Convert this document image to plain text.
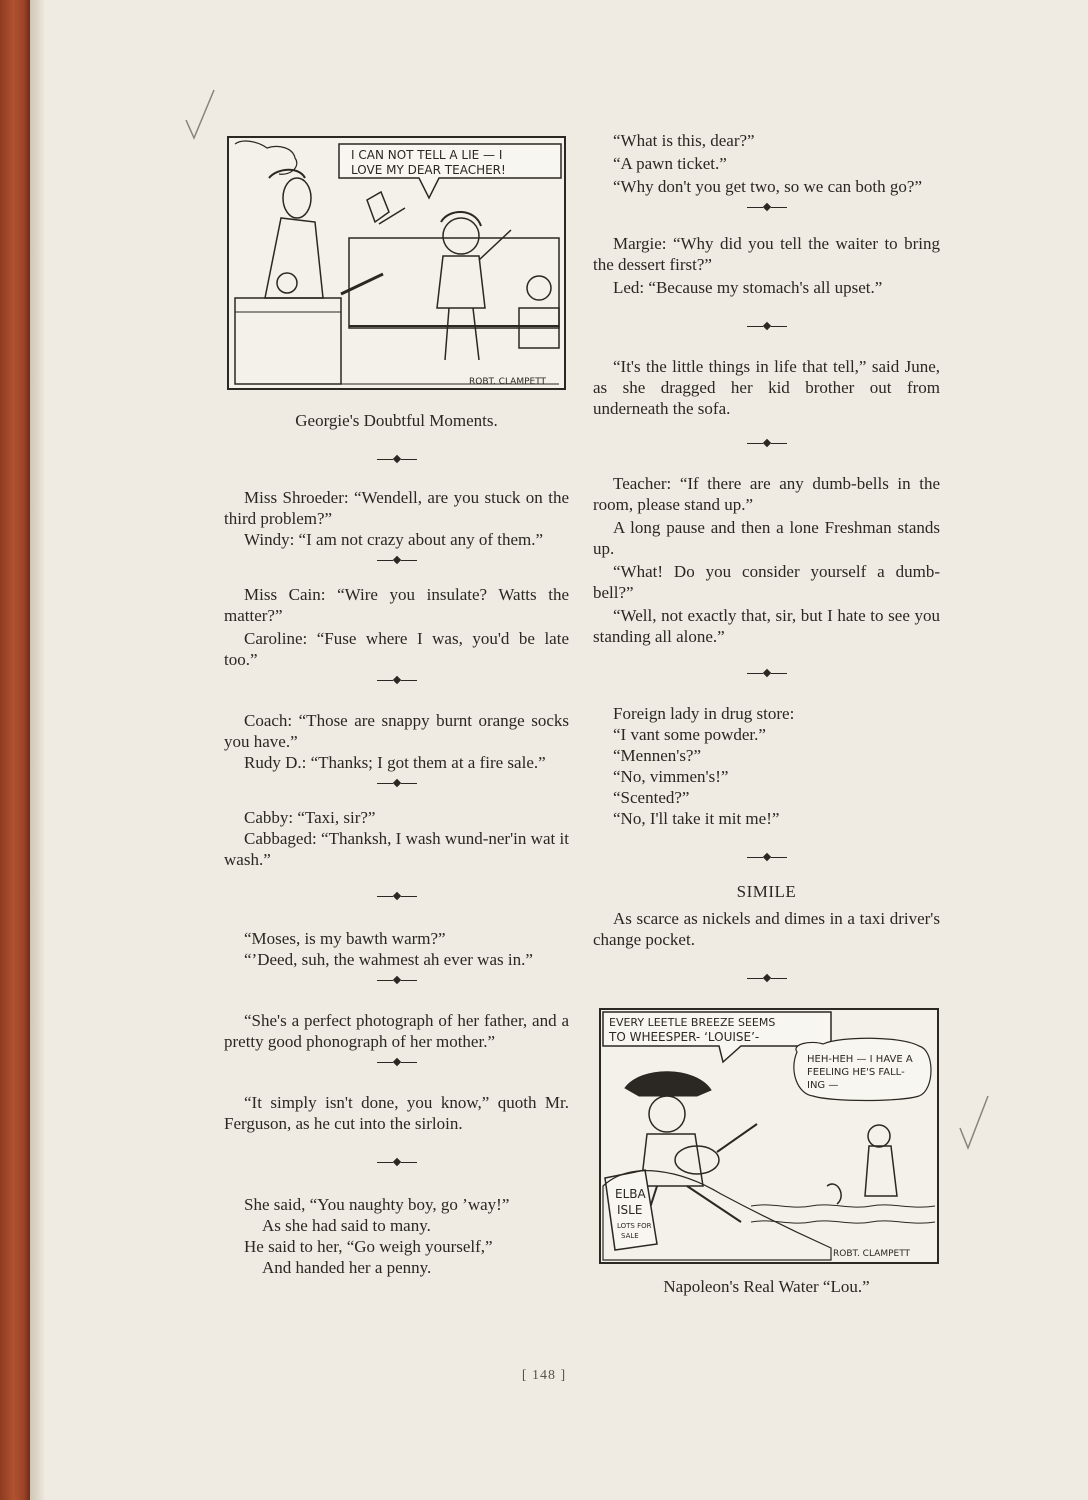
I CAN NOT TELL A LIE — I
LOVE MY DEAR TEACHER!
ROBT. CLAMPETT

Georgie's Doubtful Moments.

Miss Shroeder: “Wendell, are you stuck on the third problem?”

Windy: “I am not crazy about any of them.”

Miss Cain: “Wire you insulate? Watts the matter?”

Caroline: “Fuse where I was, you'd be late too.”

Coach: “Those are snappy burnt orange socks you have.”

Rudy D.: “Thanks; I got them at a fire sale.”

Cabby: “Taxi, sir?”

Cabbaged: “Thanksh, I wash wund-ner'in wat it wash.”

“Moses, is my bawth warm?”

“’Deed, suh, the wahmest ah ever was in.”

“She's a perfect photograph of her father, and a pretty good phonograph of her mother.”

“It simply isn't done, you know,” quoth Mr. Ferguson, as he cut into the sirloin.

She said, “You naughty boy, go ’way!”
As she had said to many.
He said to her, “Go weigh yourself,”
And handed her a penny.

“What is this, dear?”

“A pawn ticket.”

“Why don't you get two, so we can both go?”

Margie: “Why did you tell the waiter to bring the dessert first?”

Led: “Because my stomach's all upset.”

“It's the little things in life that tell,” said June, as she dragged her kid brother out from underneath the sofa.

Teacher: “If there are any dumb-bells in the room, please stand up.”

A long pause and then a lone Freshman stands up.

“What! Do you consider yourself a dumb-bell?”

“Well, not exactly that, sir, but I hate to see you standing all alone.”

Foreign lady in drug store:

“I vant some powder.”

“Mennen's?”

“No, vimmen's!”

“Scented?”

“No, I'll take it mit me!”

SIMILE

As scarce as nickels and dimes in a taxi driver's change pocket.

EVERY LEETLE BREEZE SEEMS
TO WHEESPER- ‘LOUISE’-
HEH-HEH — I HAVE A
FEELING HE'S FALL-
ING —
ELBA
ISLE
LOTS FOR
SALE
ROBT. CLAMPETT

Napoleon's Real Water “Lou.”

[ 148 ]
